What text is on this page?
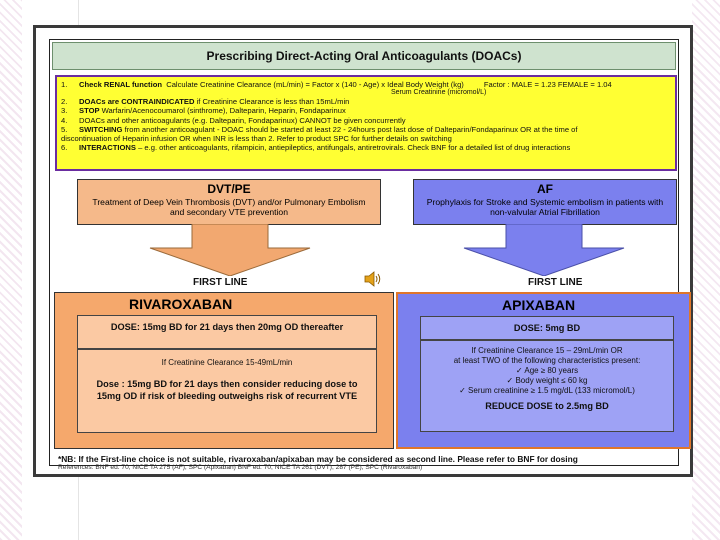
Prescribing Direct-Acting Oral Anticoagulants (DOACs)
1.	Check RENAL function Calculate Creatinine Clearance (mL/min) = Factor x (140 - Age) x Ideal Body Weight (kg)	Factor : MALE = 1.23 FEMALE = 1.04
Serum Creatinine (micromol/L)
2.	DOACs are CONTRAINDICATED if Creatinine Clearance is less than 15mL/min
3.	STOP Warfarin/Acenocoumarol (sinthrome), Dalteparin, Heparin, Fondaparinux
4.	DOACs and other anticoagulants (e.g. Dalteparin, Fondaparinux) CANNOT be given concurrently
5.	SWITCHING from another anticoagulant - DOAC should be started at least 22 - 24hours post last dose of Dalteparin/Fondaparinux OR at the time of
discontinuation of Heparin infusion OR when INR is less than 2. Refer to product SPC for further details on switching
6.	INTERACTIONS – e.g. other anticoagulants, rifampicin, antiepileptics, antifungals, antiretrovirals. Check BNF for a detailed list of drug interactions
DVT/PE
Treatment of Deep Vein Thrombosis (DVT) and/or Pulmonary Embolism and secondary VTE prevention
AF
Prophylaxis for Stroke and Systemic embolism in patients with non-valvular Atrial Fibrillation
FIRST LINE	FIRST LINE
RIVAROXABAN
DOSE: 15mg BD for 21 days then 20mg OD thereafter
If Creatinine Clearance 15-49mL/min
Dose : 15mg BD for 21 days then consider reducing dose to 15mg OD if risk of bleeding outweighs risk of recurrent VTE
APIXABAN
DOSE: 5mg BD
If Creatinine Clearance 15 – 29mL/min OR
at least TWO of the following characteristics present:
✓ Age ≥ 80 years
✓ Body weight ≤ 60 kg
✓ Serum creatinine ≥ 1.5 mg/dL (133 micromol/L)
REDUCE DOSE to 2.5mg BD
*NB: If the First-line choice is not suitable, rivaroxaban/apixaban may be considered as second line. Please refer to BNF for dosing
References: BNF ed. 70, NICE TA 275 (AF), SPC (Apixaban) BNF ed. 70, NICE TA 261 (DVT), 287 (PE), SPC (Rivaroxaban)
